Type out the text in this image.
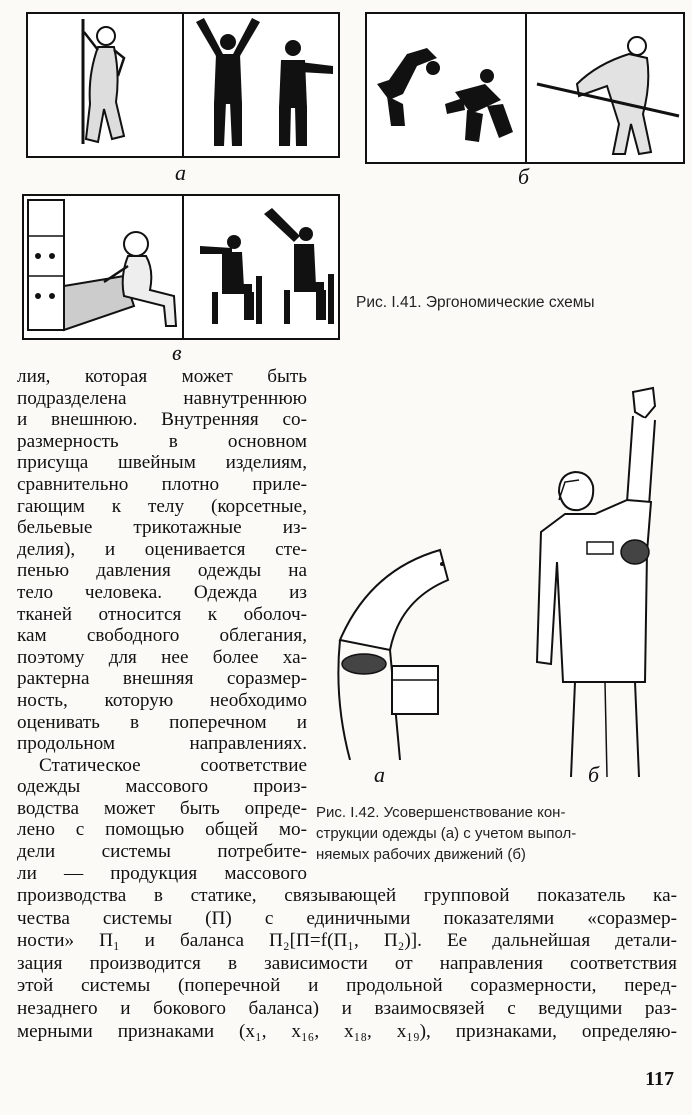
а	б
в
Рис. I.41. Эргономические схемы

лия, которая может быть
подразделена навнутреннюю
и внешнюю. Внутренняя со-
размерность в основном
присуща швейным изделиям,
сравнительно плотно приле-
гающим к телу (корсетные,
бельевые трикотажные из-
делия), и оценивается сте-
пенью давления одежды на
тело человека. Одежда из
тканей относится к оболоч-
кам свободного облегания,
поэтому для нее более ха-
рактерна внешняя соразмер-
ность, которую необходимо
оценивать в поперечном и
продольном направлениях.

Статическое соответствие
одежды массового произ-
водства может быть опреде-
лено с помощью общей мо-
дели системы потребите-
ли — продукция массового

а	б
Рис. I.42. Усовершенствование кон-
струкции одежды (а) с учетом выпол-
няемых рабочих движений (б)
производства в статике, связывающей групповой показатель ка-
чества системы (П) с единичными показателями «соразмер-
ности» П₁ и баланса П₂[П=f(П₁, П₂)]. Ее дальнейшая детали-
зация производится в зависимости от направления соответствия
этой системы (поперечной и продольной соразмерности, перед-
незаднего и бокового баланса) и взаимосвязей с ведущими раз-
мерными признаками (x₁, x₁₆, x₁₈, x₁₉), признаками, определяю-
117
